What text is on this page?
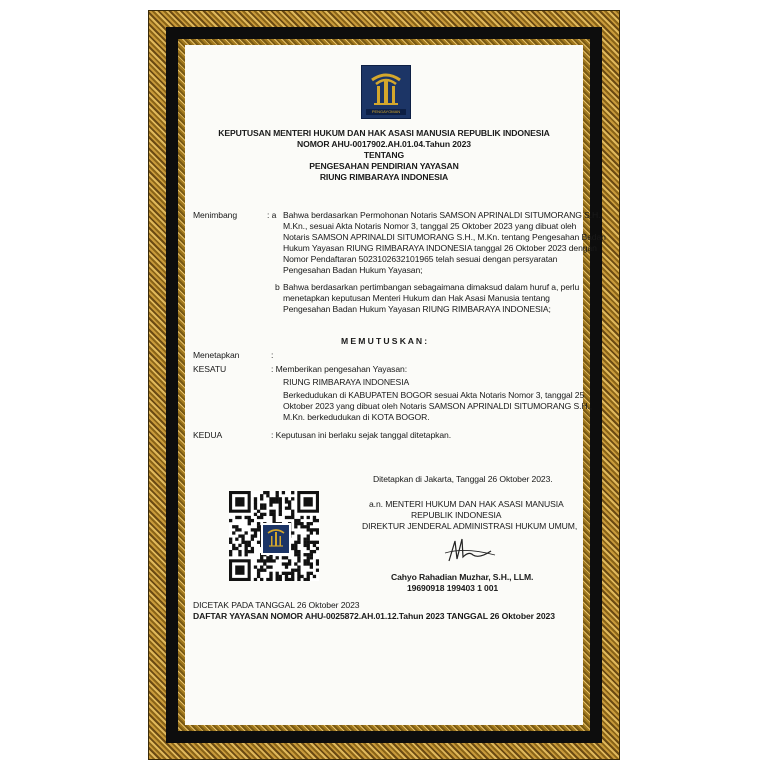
PENGAYOMAN
KEPUTUSAN MENTERI HUKUM DAN HAK ASASI MANUSIA REPUBLIK INDONESIA
NOMOR AHU-0017902.AH.01.04.Tahun 2023
TENTANG
PENGESAHAN PENDIRIAN YAYASAN
RIUNG RIMBARAYA INDONESIA
Menimbang	: a Bahwa berdasarkan Permohonan Notaris SAMSON APRINALDI SITUMORANG S.H.,
M.Kn., sesuai Akta Notaris Nomor 3, tanggal 25 Oktober 2023 yang dibuat oleh
Notaris SAMSON APRINALDI SITUMORANG S.H., M.Kn. tentang Pengesahan Badan
Hukum Yayasan RIUNG RIMBARAYA INDONESIA tanggal 26 Oktober 2023 dengan
Nomor Pendaftaran 5023102632101965 telah sesuai dengan persyaratan
Pengesahan Badan Hukum Yayasan;
b Bahwa berdasarkan pertimbangan sebagaimana dimaksud dalam huruf a, perlu
menetapkan keputusan Menteri Hukum dan Hak Asasi Manusia tentang
Pengesahan Badan Hukum Yayasan RIUNG RIMBARAYA INDONESIA;
M E M U T U S K A N :
Menetapkan	:
KESATU	: Memberikan pengesahan Yayasan:
RIUNG RIMBARAYA INDONESIA
Berkedudukan di KABUPATEN BOGOR sesuai Akta Notaris Nomor 3, tanggal 25
Oktober 2023 yang dibuat oleh Notaris SAMSON APRINALDI SITUMORANG S.H.,
M.Kn. berkedudukan di KOTA BOGOR.
KEDUA	: Keputusan ini berlaku sejak tanggal ditetapkan.
Ditetapkan di Jakarta, Tanggal 26 Oktober 2023.
a.n. MENTERI HUKUM DAN HAK ASASI MANUSIA
REPUBLIK INDONESIA
DIREKTUR JENDERAL ADMINISTRASI HUKUM UMUM,
Cahyo Rahadian Muzhar, S.H., LLM.
19690918 199403 1 001
DICETAK PADA TANGGAL 26 Oktober 2023
DAFTAR YAYASAN NOMOR AHU-0025872.AH.01.12.Tahun 2023 TANGGAL 26 Oktober 2023
